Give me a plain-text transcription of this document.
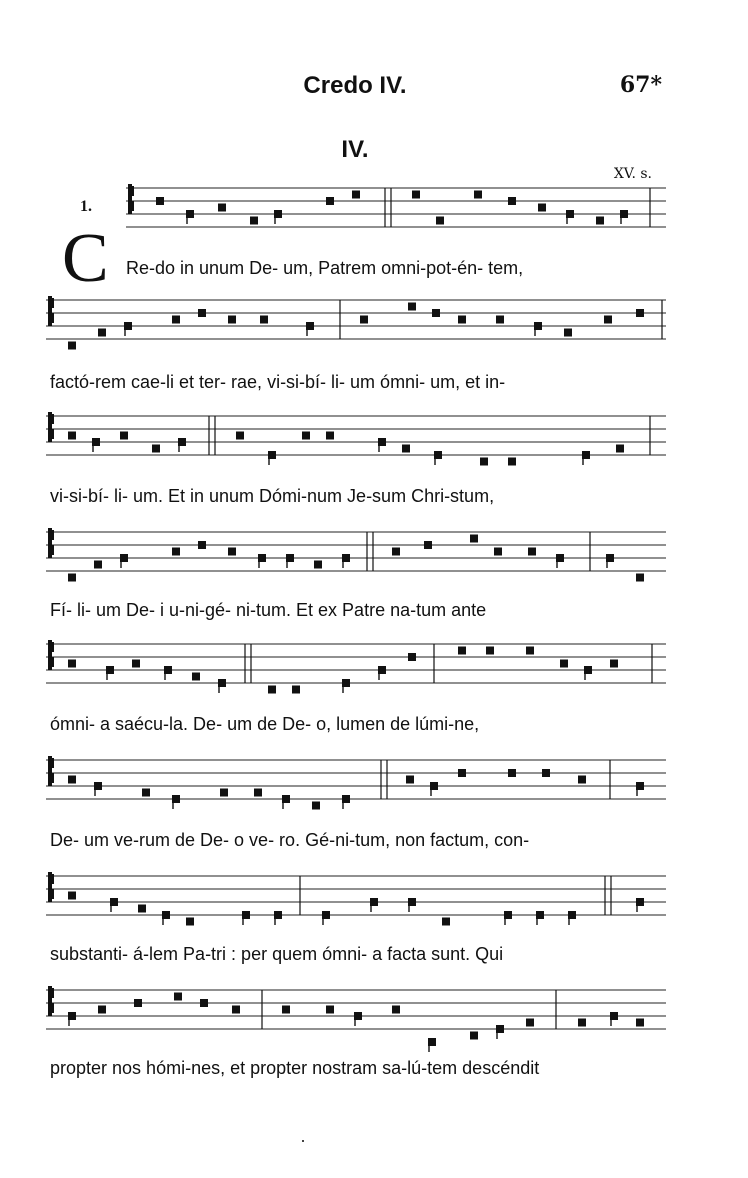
Credo IV.	67*
IV.
XV. s.
1.
C Re-do in unum De- um, Patrem omni-pot-én- tem,
factó-rem cae-li et ter- rae, vi-si-bí- li- um ómni- um, et in-
vi-si-bí- li- um. Et in unum Dómi-num Je-sum Chri-stum,
Fí- li- um De- i u-ni-gé- ni-tum. Et ex Patre na-tum ante
ómni- a saécu-la. De- um de De- o, lumen de lúmi-ne,
De- um ve-rum de De- o ve- ro. Gé-ni-tum, non factum, con-
substanti- á-lem Pa-tri : per quem ómni- a facta sunt. Qui
propter nos hómi-nes, et propter nostram sa-lú-tem descéndit
